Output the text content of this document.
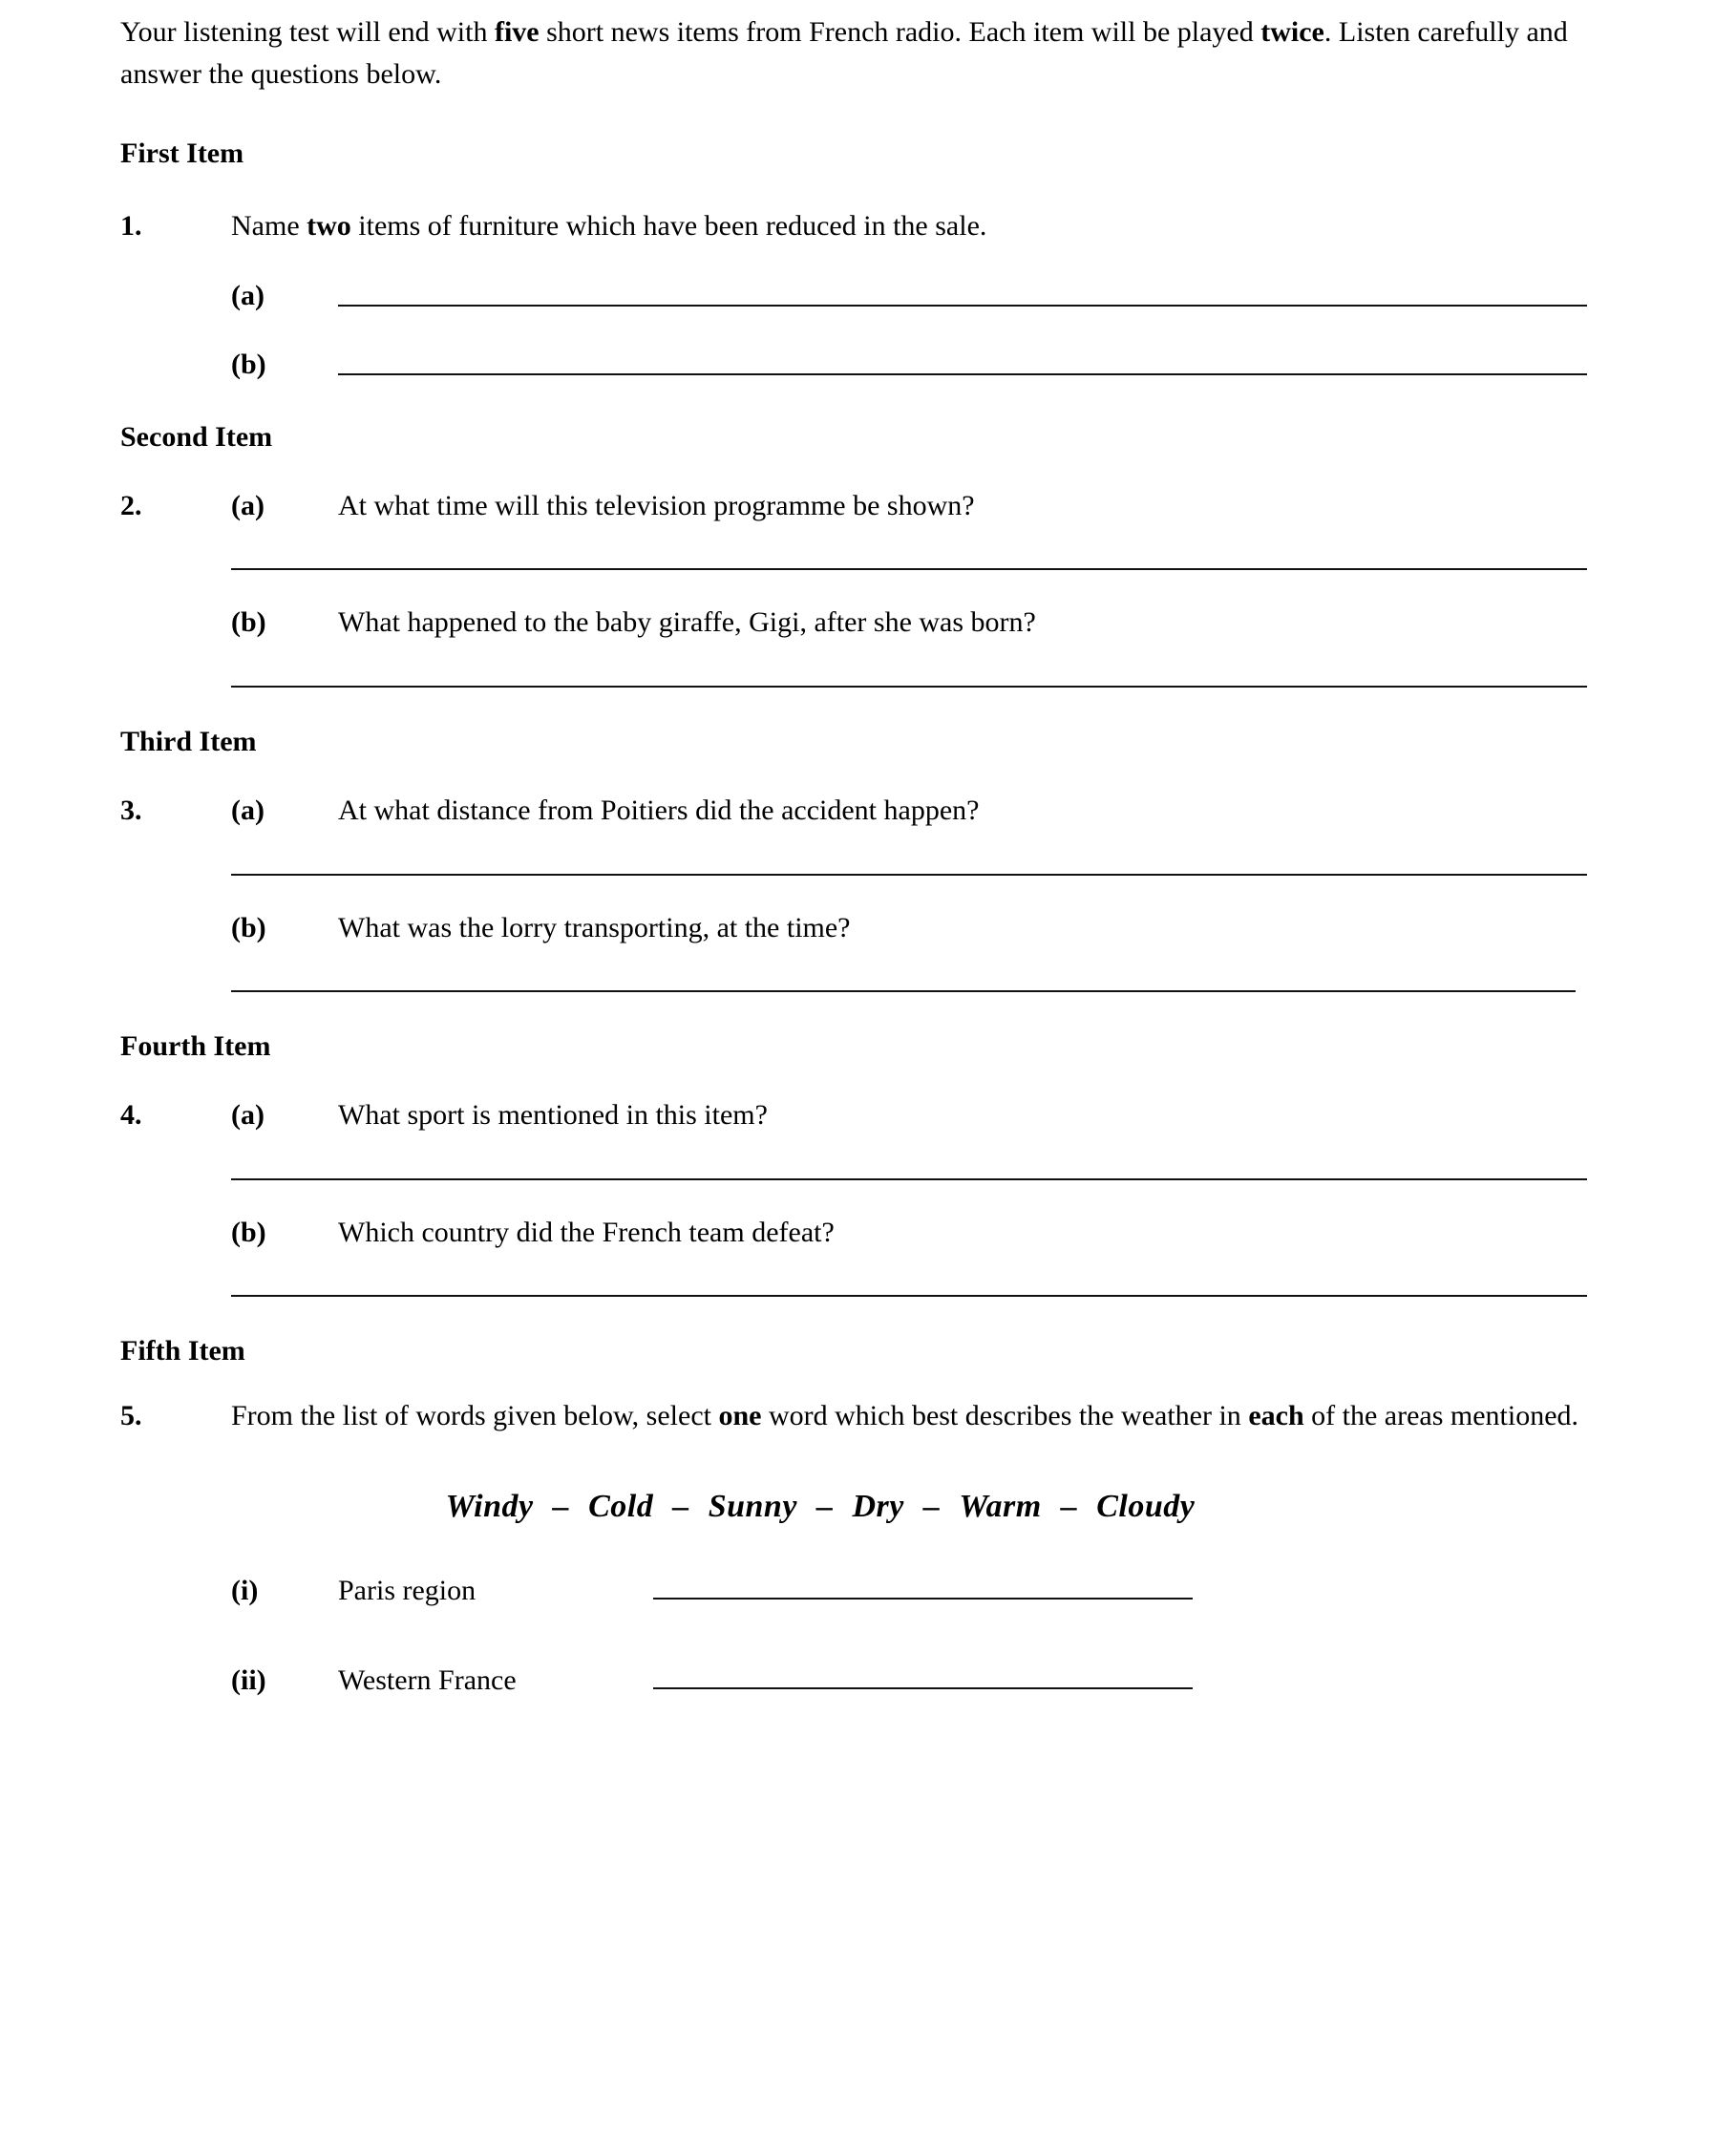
Your listening test will end with five short news items from French radio. Each item will be played twice. Listen carefully and answer the questions below.

First Item
1.	Name two items of furniture which have been reduced in the sale.
(a)
(b)
Second Item
2.	(a)	At what time will this television programme be shown?
(b)	What happened to the baby giraffe, Gigi, after she was born?
Third Item
3.	(a)	At what distance from Poitiers did the accident happen?
(b)	What was the lorry transporting, at the time?
Fourth Item
4.	(a)	What sport is mentioned in this item?
(b)	Which country did the French team defeat?
Fifth Item
5.	From the list of words given below, select one word which best describes the weather in each of the areas mentioned.
Windy – Cold – Sunny – Dry – Warm – Cloudy
(i)	Paris region
(ii)	Western France
